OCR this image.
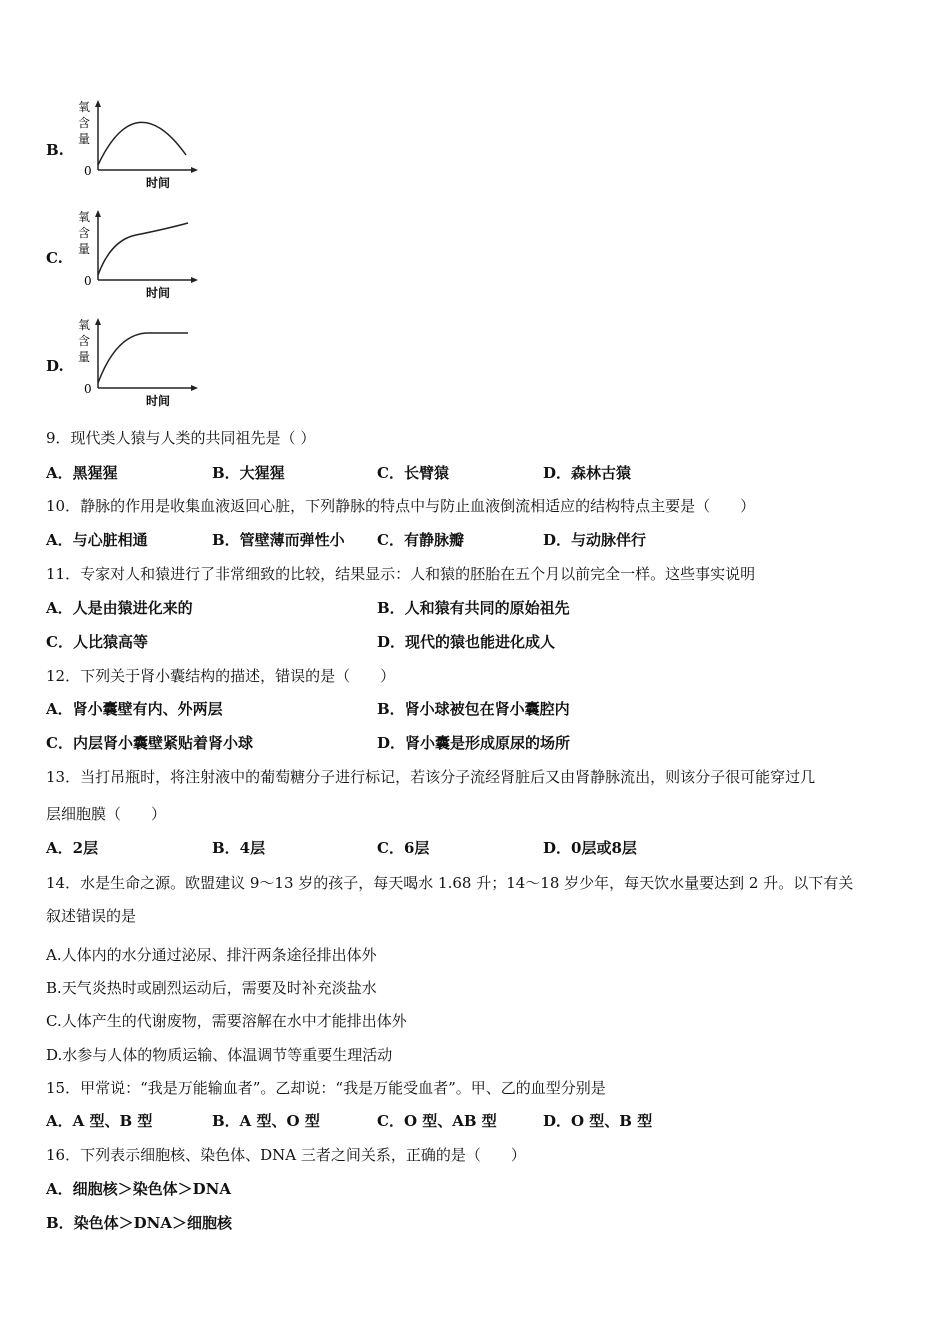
B.
氧
含
量
0
时间
C.
氧
含
量
0
时间
D.
氧
含
量
0
时间
9．现代类人猿与人类的共同祖先是（ ）
A．黑猩猩	B．大猩猩	C．长臂猿	D．森林古猿
10．静脉的作用是收集血液返回心脏，下列静脉的特点中与防止血液倒流相适应的结构特点主要是（　　）
A．与心脏相通	B．管壁薄而弹性小 C．有静脉瓣	D．与动脉伴行
11．专家对人和猿进行了非常细致的比较，结果显示：人和猿的胚胎在五个月以前完全一样。这些事实说明
A．人是由猿进化来的	B．人和猿有共同的原始祖先
C．人比猿高等	D．现代的猿也能进化成人
12．下列关于肾小囊结构的描述，错误的是（　　）
A．肾小囊壁有内、外两层	B．肾小球被包在肾小囊腔内
C．内层肾小囊壁紧贴着肾小球	D．肾小囊是形成原尿的场所
13．当打吊瓶时，将注射液中的葡萄糖分子进行标记，若该分子流经肾脏后又由肾静脉流出，则该分子很可能穿过几
层细胞膜（　　）
A．2层	B．4层	C．6层	D．0层或8层
14．水是生命之源。欧盟建议 9～13 岁的孩子，每天喝水 1.68 升；14～18 岁少年，每天饮水量要达到 2 升。以下有关
叙述错误的是
A.人体内的水分通过泌尿、排汗两条途径排出体外
B.天气炎热时或剧烈运动后，需要及时补充淡盐水
C.人体产生的代谢废物，需要溶解在水中才能排出体外
D.水参与人体的物质运输、体温调节等重要生理活动
15．甲常说：“我是万能输血者”。乙却说：“我是万能受血者”。甲、乙的血型分别是
A．A 型、B 型	B．A 型、O 型	C．O 型、AB 型	D．O 型、B 型
16．下列表示细胞核、染色体、DNA 三者之间关系，正确的是（　　）
A．细胞核＞染色体＞DNA
B．染色体＞DNA＞细胞核
